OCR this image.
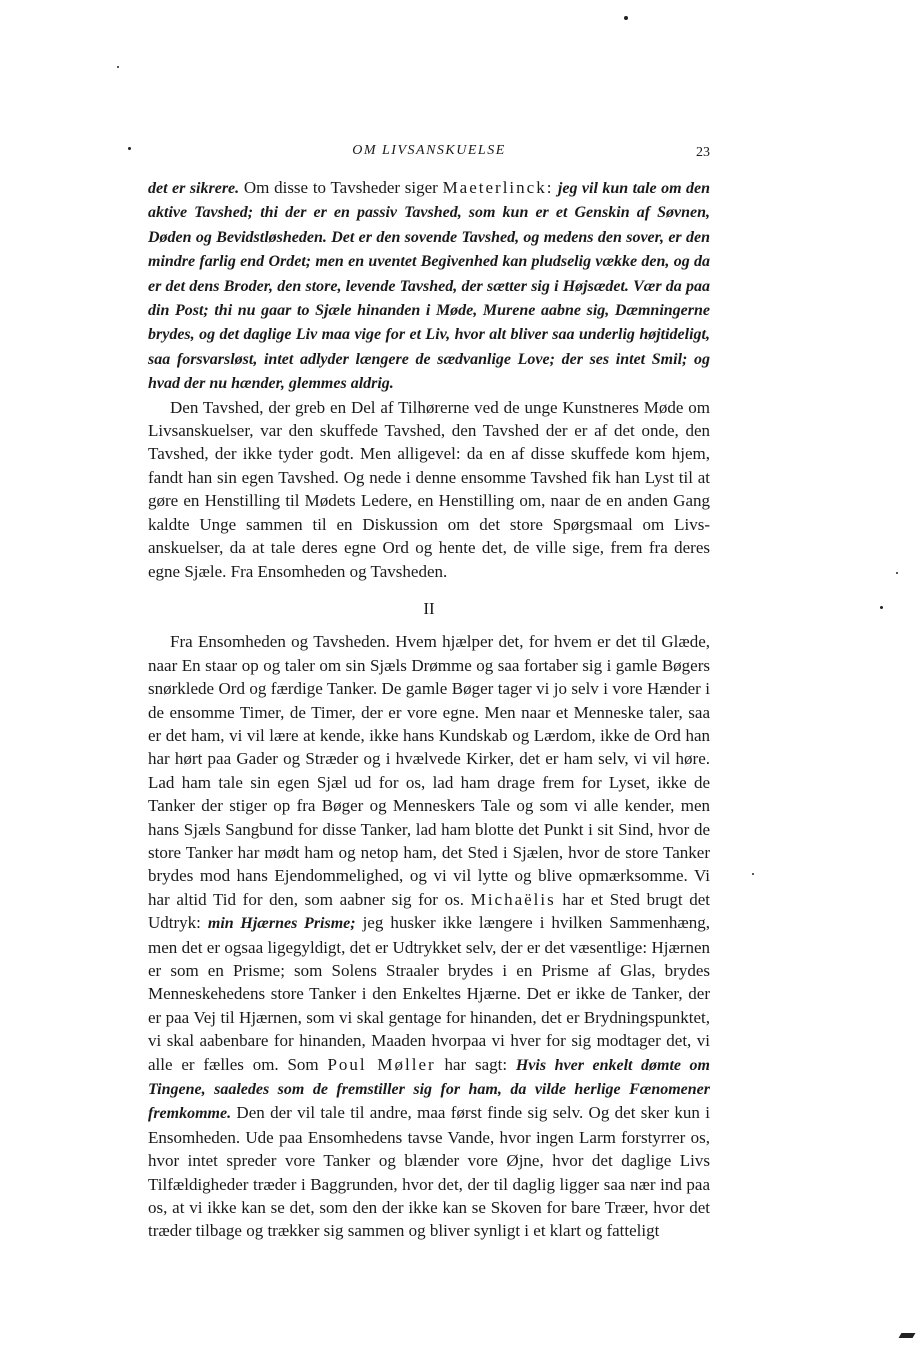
OM LIVSANSKUELSE	23

det er sikrere. Om disse to Tavsheder siger Maeterlinck: jeg vil kun tale om den aktive Tavshed; thi der er en passiv Tavshed, som kun er et Genskin af Søvnen, Døden og Bevidstløsheden. Det er den sovende Tavshed, og medens den sover, er den mindre farlig end Ordet; men en uventet Begivenhed kan pludselig vække den, og da er det dens Broder, den store, levende Tavshed, der sætter sig i Højsædet. Vær da paa din Post; thi nu gaar to Sjæle hinanden i Møde, Murene aabne sig, Dæmningerne brydes, og det daglige Liv maa vige for et Liv, hvor alt bliver saa underlig højtideligt, saa forsvarsløst, intet adlyder længere de sædvanlige Love; der ses intet Smil; og hvad der nu hænder, glemmes aldrig.

Den Tavshed, der greb en Del af Tilhørerne ved de unge Kunstneres Møde om Livsanskuelser, var den skuffede Tavshed, den Tavshed der er af det onde, den Tavshed, der ikke tyder godt. Men alligevel: da en af disse skuffede kom hjem, fandt han sin egen Tavshed. Og nede i denne ensomme Tavshed fik han Lyst til at gøre en Henstilling til Mødets Ledere, en Henstilling om, naar de en anden Gang kaldte Unge sammen til en Diskussion om det store Spørgsmaal om Livsanskuelser, da at tale deres egne Ord og hente det, de ville sige, frem fra deres egne Sjæle. Fra Ensomheden og Tavsheden.

II

Fra Ensomheden og Tavsheden. Hvem hjælper det, for hvem er det til Glæde, naar En staar op og taler om sin Sjæls Drømme og saa fortaber sig i gamle Bøgers snørklede Ord og færdige Tanker. De gamle Bøger tager vi jo selv i vore Hænder i de ensomme Timer, de Timer, der er vore egne. Men naar et Menneske taler, saa er det ham, vi vil lære at kende, ikke hans Kundskab og Lærdom, ikke de Ord han har hørt paa Gader og Stræder og i hvælvede Kirker, det er ham selv, vi vil høre. Lad ham tale sin egen Sjæl ud for os, lad ham drage frem for Lyset, ikke de Tanker der stiger op fra Bøger og Menneskers Tale og som vi alle kender, men hans Sjæls Sangbund for disse Tanker, lad ham blotte det Punkt i sit Sind, hvor de store Tanker har mødt ham og netop ham, det Sted i Sjælen, hvor de store Tanker brydes mod hans Ejendommelighed, og vi vil lytte og blive opmærksomme. Vi har altid Tid for den, som aabner sig for os. Michaëlis har et Sted brugt det Udtryk: min Hjærnes Prisme; jeg husker ikke længere i hvilken Sammenhæng, men det er ogsaa ligegyldigt, det er Udtrykket selv, der er det væsentlige: Hjærnen er som en Prisme; som Solens Straaler brydes i en Prisme af Glas, brydes Menneskehedens store Tanker i den Enkeltes Hjærne. Det er ikke de Tanker, der er paa Vej til Hjærnen, som vi skal gentage for hinanden, det er Brydningspunktet, vi skal aabenbare for hinanden, Maaden hvorpaa vi hver for sig modtager det, vi alle er fælles om. Som Poul Møller har sagt: Hvis hver enkelt dømte om Tingene, saaledes som de fremstiller sig for ham, da vilde herlige Fænomener fremkomme. Den der vil tale til andre, maa først finde sig selv. Og det sker kun i Ensomheden. Ude paa Ensomhedens tavse Vande, hvor ingen Larm forstyrrer os, hvor intet spreder vore Tanker og blænder vore Øjne, hvor det daglige Livs Tilfældigheder træder i Baggrunden, hvor det, der til daglig ligger saa nær ind paa os, at vi ikke kan se det, som den der ikke kan se Skoven for bare Træer, hvor det træder tilbage og trækker sig sammen og bliver synligt i et klart og fatteligt
